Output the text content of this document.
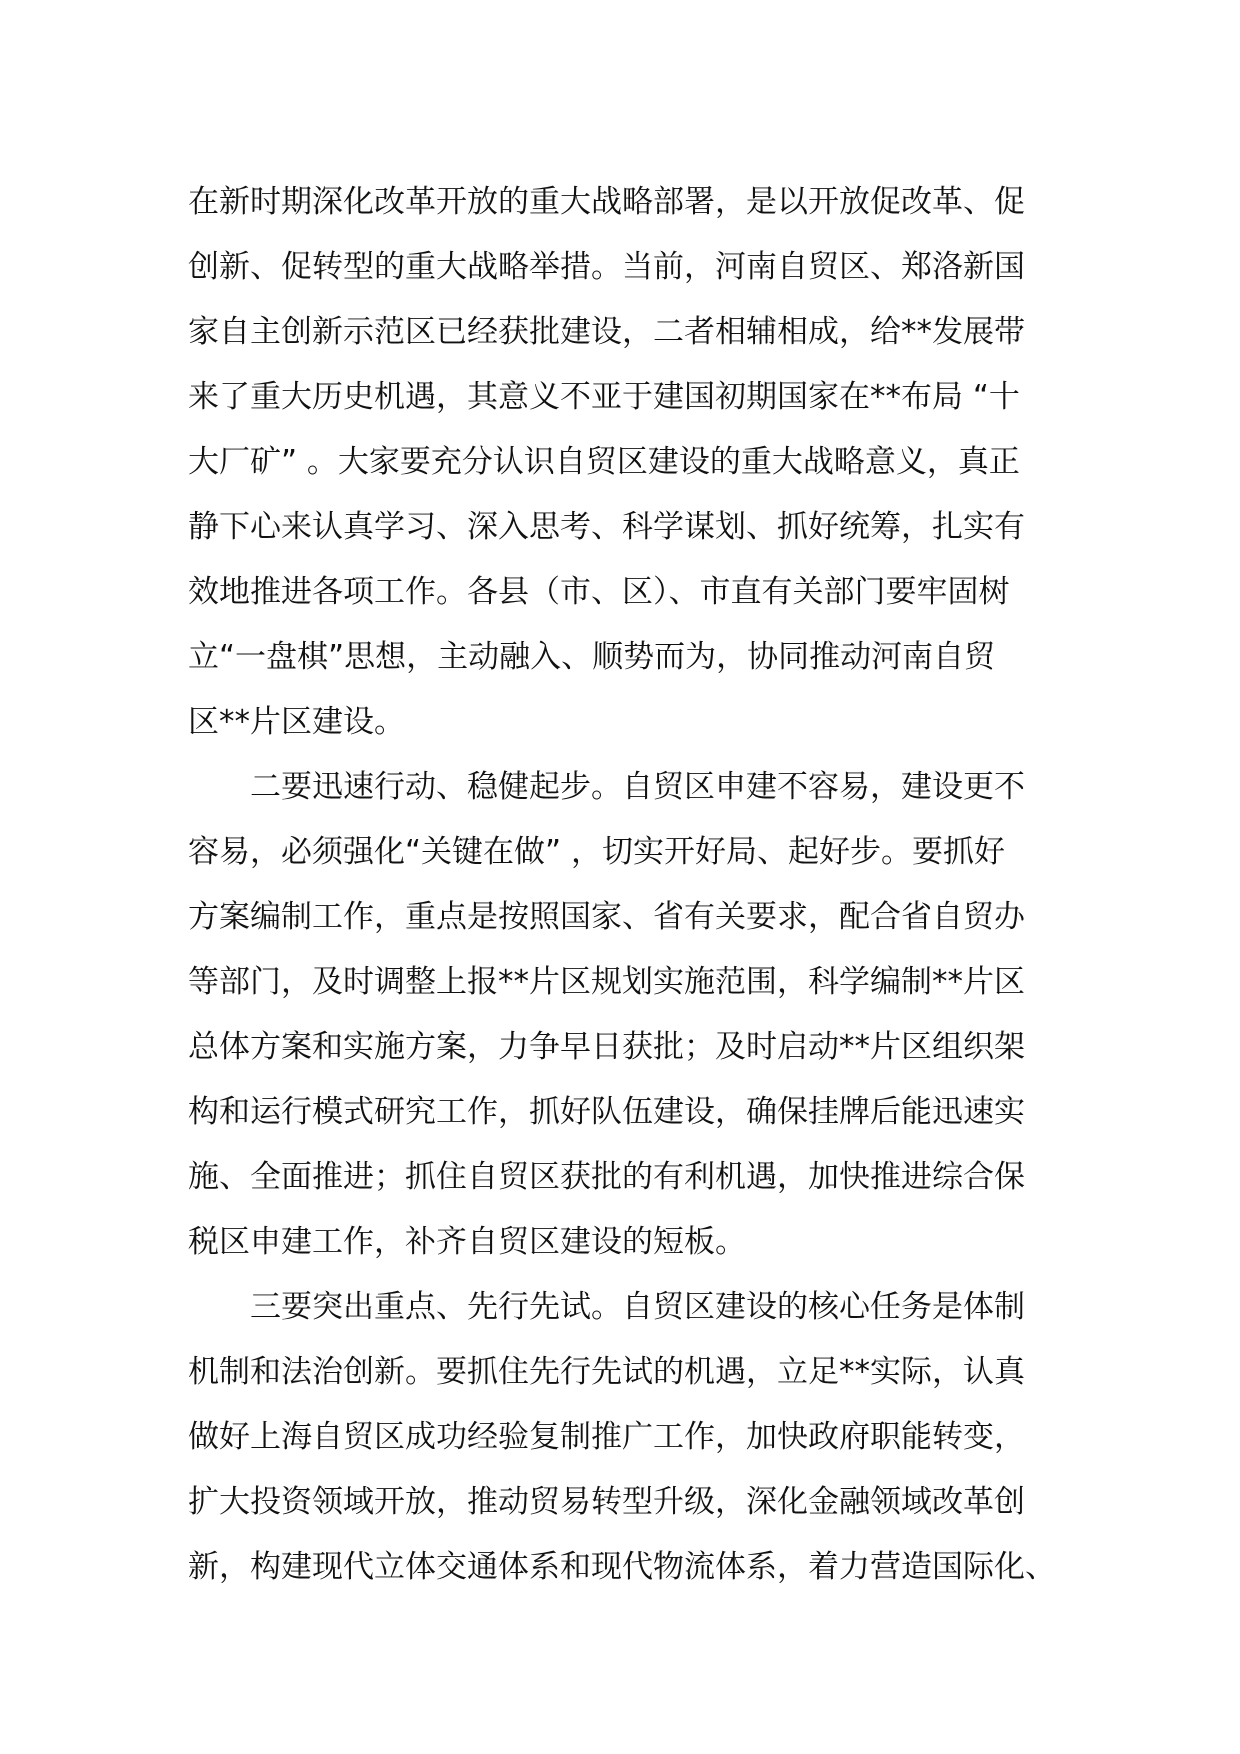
在新时期深化改革开放的重大战略部署，是以开放促改革、促
创新、促转型的重大战略举措。当前，河南自贸区、郑洛新国
家自主创新示范区已经获批建设，二者相辅相成，给**发展带
来了重大历史机遇，其意义不亚于建国初期国家在**布局 “十
大厂矿” 。大家要充分认识自贸区建设的重大战略意义，真正
静下心来认真学习、深入思考、科学谋划、抓好统筹，扎实有
效地推进各项工作。各县（市、区）、市直有关部门要牢固树
立“一盘棋”思想，主动融入、顺势而为，协同推动河南自贸
区**片区建设。
二要迅速行动、稳健起步。自贸区申建不容易，建设更不
容易，必须强化“关键在做” ，切实开好局、起好步。要抓好
方案编制工作，重点是按照国家、省有关要求，配合省自贸办
等部门，及时调整上报**片区规划实施范围，科学编制**片区
总体方案和实施方案，力争早日获批；及时启动**片区组织架
构和运行模式研究工作，抓好队伍建设，确保挂牌后能迅速实
施、全面推进；抓住自贸区获批的有利机遇，加快推进综合保
税区申建工作，补齐自贸区建设的短板。
三要突出重点、先行先试。自贸区建设的核心任务是体制
机制和法治创新。要抓住先行先试的机遇，立足**实际，认真
做好上海自贸区成功经验复制推广工作，加快政府职能转变，
扩大投资领域开放，推动贸易转型升级，深化金融领域改革创
新，构建现代立体交通体系和现代物流体系，着力营造国际化、
